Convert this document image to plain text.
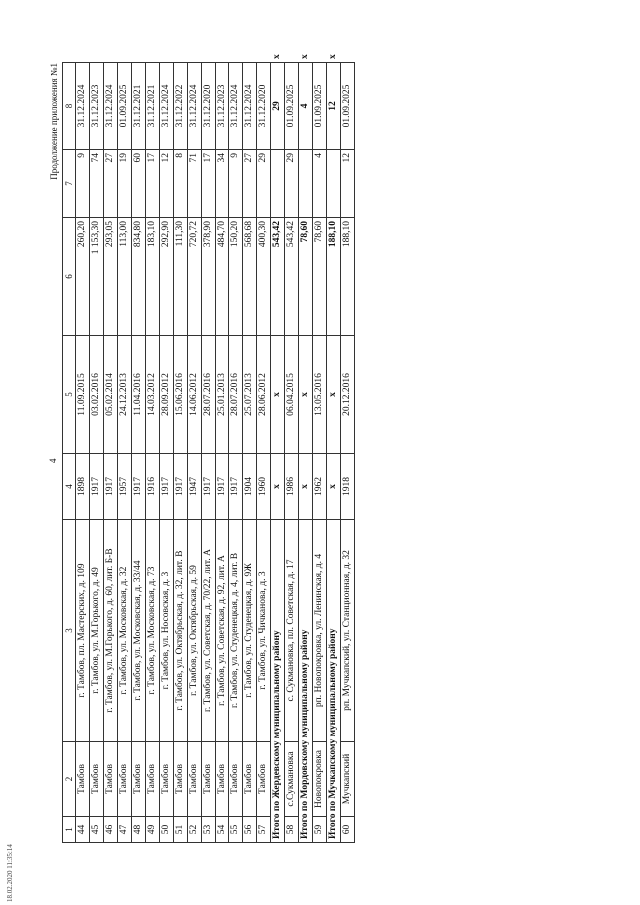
4
Продолжение приложения №1
1	2	3	4	5	6	7	8	
44	Тамбов	г. Тамбов, пл. Мастерских, д. 109	1898	11.09.2015	260,20	9	31.12.2024	
45	Тамбов	г. Тамбов, ул. М.Горького, д. 49	1917	03.02.2016	1 153,30	74	31.12.2023	
46	Тамбов	г. Тамбов, ул. М.Горького, д. 60, лит. Б-В	1917	05.02.2014	293,05	27	31.12.2024	
47	Тамбов	г. Тамбов, ул. Московская, д. 32	1957	24.12.2013	113,00	19	01.09.2025	
48	Тамбов	г. Тамбов, ул. Московская, д. 33/44	1917	11.04.2016	834,80	60	31.12.2021	
49	Тамбов	г. Тамбов, ул. Московская, д. 73	1916	14.03.2012	183,10	17	31.12.2021	
50	Тамбов	г. Тамбов, ул. Носовская, д. 3	1917	28.09.2012	292,90	12	31.12.2024	
51	Тамбов	г. Тамбов, ул. Октябрьская, д. 32, лит. В	1917	15.06.2016	111,30	8	31.12.2022	
52	Тамбов	г. Тамбов, ул. Октябрьская, д. 59	1947	14.06.2012	720,72	71	31.12.2024	
53	Тамбов	г. Тамбов, ул. Советская, д. 70/22, лит. А	1917	28.07.2016	378,90	17	31.12.2020	
54	Тамбов	г. Тамбов, ул. Советская, д. 92, лит. А	1917	25.01.2013	484,70	34	31.12.2023	
55	Тамбов	г. Тамбов, ул. Студенецкая, д. 4, лит. В	1917	28.07.2016	150,20	9	31.12.2024	
56	Тамбов	г. Тамбов, ул. Студенецкая, д. 9Ж	1904	25.07.2013	568,68	27	31.12.2024	
57	Тамбов	г. Тамбов, ул. Чичканова, д. 3	1960	28.06.2012	400,30	29	31.12.2020	
Итого по Жердевскому муниципальному району			x	x	543,42		29	x
58	с.Сукмановка	с. Сукмановка, пл. Советская, д. 17	1986	06.04.2015	543,42	29	01.09.2025	
Итого по Мордовскому муниципальному району			x	x	78,60		4	x
59	Новопокровка	рп. Новопокровка, ул. Ленинская, д. 4	1962	13.05.2016	78,60	4	01.09.2025	
Итого по Мучкапскому муниципальному району			x	x	188,10		12	x
60	Мучкапский	рп. Мучкапский, ул. Станционная, д. 32	1918	20.12.2016	188,10	12	01.09.2025	
18.02.2020 11:35:14
